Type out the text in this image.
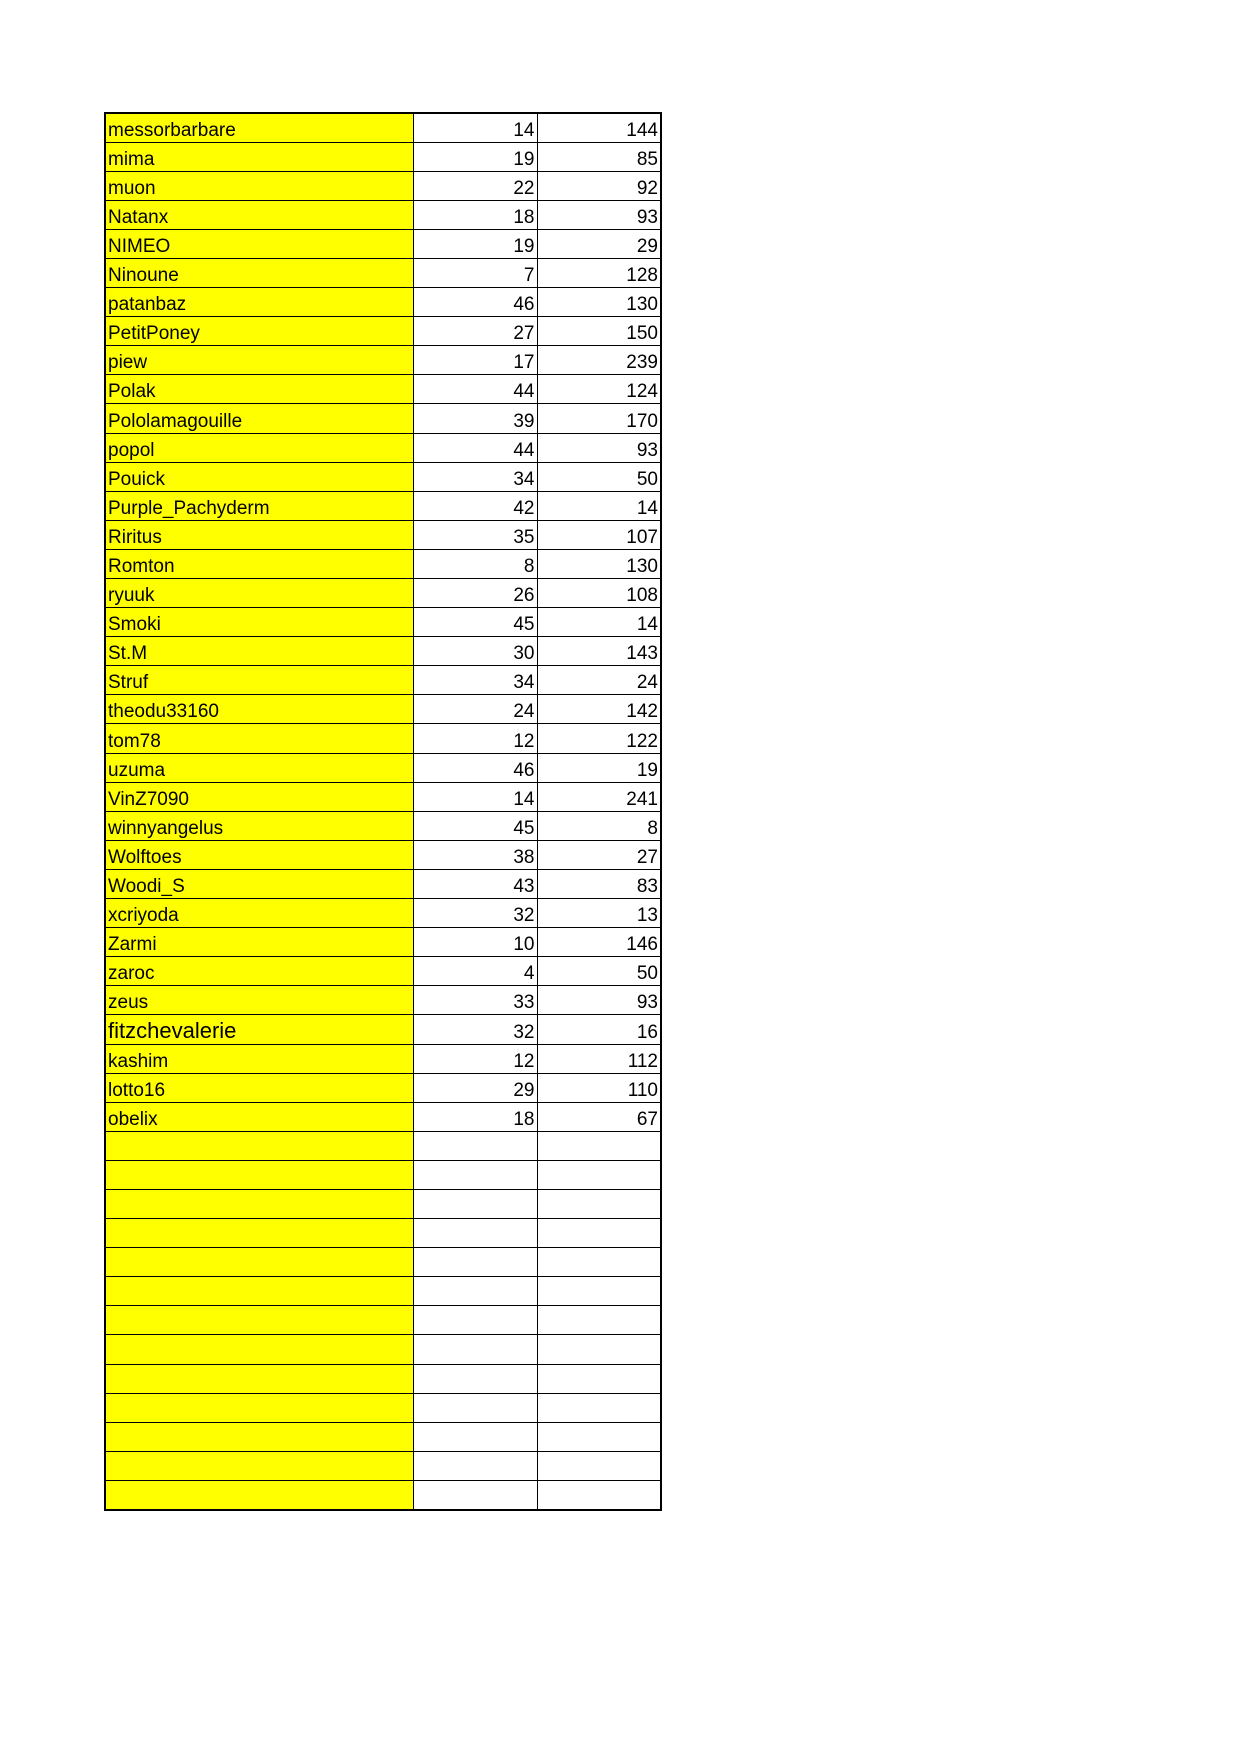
messorbarbare	14	144
mima	19	85
muon	22	92
Natanx	18	93
NIMEO	19	29
Ninoune	7	128
patanbaz	46	130
PetitPoney	27	150
piew	17	239
Polak	44	124
Pololamagouille	39	170
popol	44	93
Pouick	34	50
Purple_Pachyderm	42	14
Riritus	35	107
Romton	8	130
ryuuk	26	108
Smoki	45	14
St.M	30	143
Struf	34	24
theodu33160	24	142
tom78	12	122
uzuma	46	19
VinZ7090	14	241
winnyangelus	45	8
Wolftoes	38	27
Woodi_S	43	83
xcriyoda	32	13
Zarmi	10	146
zaroc	4	50
zeus	33	93
fitzchevalerie	32	16
kashim	12	112
lotto16	29	110
obelix	18	67
